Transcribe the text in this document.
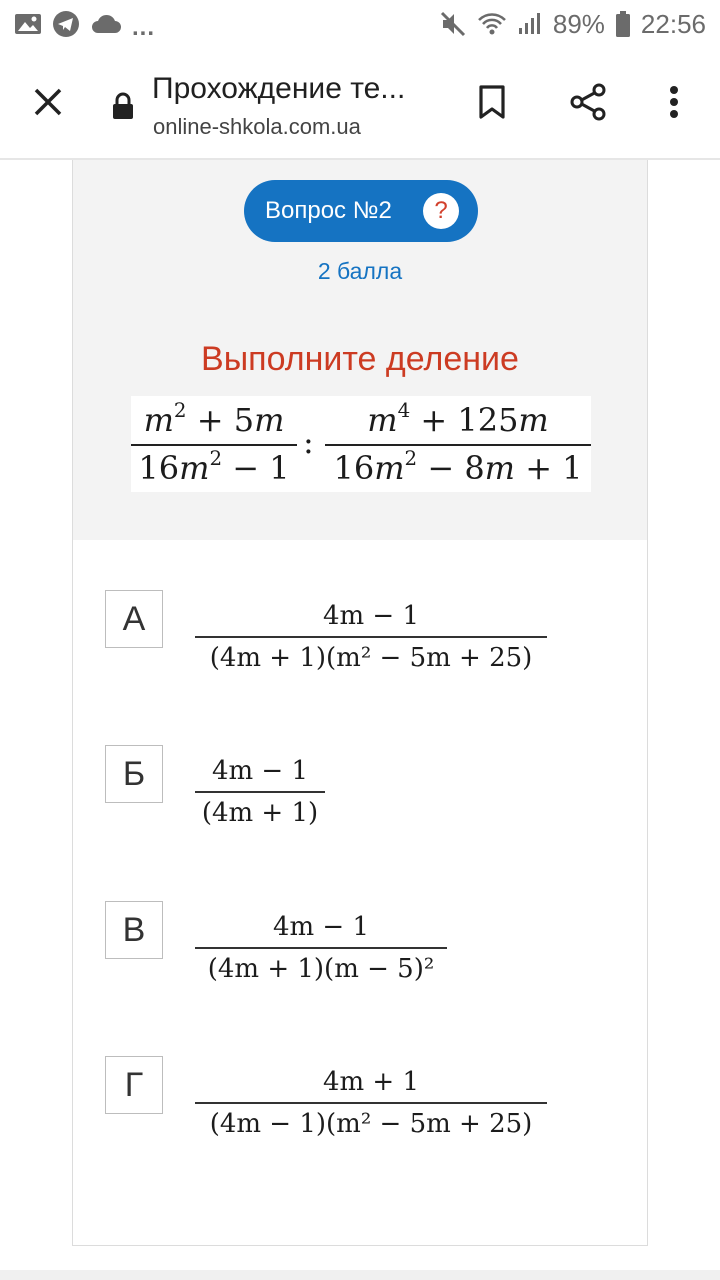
...	89% 22:56
Прохождение те...
online-shkola.com.ua
Вопрос №2	?
2 балла
Выполните деление
$m^2 + 5m$
$16m^2 - 1$
:
$m^4 + 125m$
$16m^2 - 8m + 1$
А	4m − 1
(4m + 1)(m² − 5m + 25)
Б	4m − 1
(4m + 1)
В	4m − 1
(4m + 1)(m − 5)²
Г	4m + 1
(4m − 1)(m² − 5m + 25)
